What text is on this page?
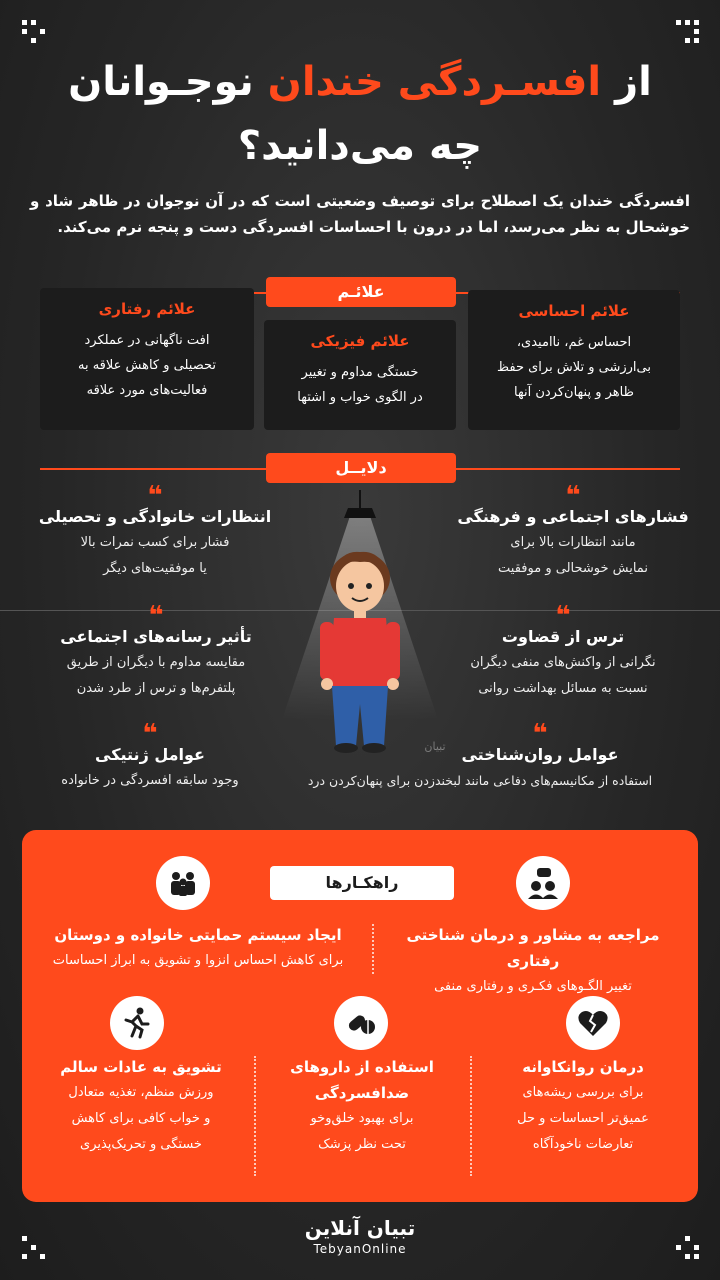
از افسـردگی خندان نوجـوانان
چه می‌دانید؟
افسردگی خندان یک اصطلاح برای توصیف وضعیتی است که در آن نوجوان در ظاهر شاد و خوشحال به نظر می‌رسد، اما در درون با احساسات افسردگی دست و پنجه نرم می‌کند.
علائـم
علائم احساسی
احساس غم، ناامیدی،
بی‌ارزشی و تلاش برای حفظ
ظاهر و پنهان‌کردن آنها
علائم فیزیکی
خستگی مداوم و تغییر
در الگوی خواب و اشتها
علائم رفتاری
افت ناگهانی در عملکرد
تحصیلی و کاهش علاقه به
فعالیت‌های مورد علاقه
دلایــل
تبیان
❝
فشارهای اجتماعی و فرهنگی
مانند انتظارات بالا برای
نمایش خوشحالی و موفقیت
❝
انتظارات خانوادگی و تحصیلی
فشار برای کسب نمرات بالا
یا موفقیت‌های دیگر
❝
ترس از قضاوت
نگرانی از واکنش‌های منفی دیگران
نسبت به مسائل بهداشت روانی
❝
تأثیر رسانه‌های اجتماعی
مقایسه مداوم با دیگران از طریق
پلتفرم‌ها و ترس از طرد شدن
❝
عوامل روان‌شناختی
استفاده از مکانیسم‌های دفاعی مانند لبخندزدن برای پنهان‌کردن درد
❝
عوامل ژنتیکی
وجود سابقه افسردگی در خانواده
راهکـارها
مراجعه به مشاور و درمان شناختی رفتاری
تغییر الگـوهای فکـری و رفتاری منفی
ایجاد سیستم حمایتی خانواده و دوستان
برای کاهش احساس انزوا و تشویق به ابراز احساسات
درمان روانکاوانه
برای بررسی ریشه‌های
عمیق‌تر احساسات و حل
تعارضات ناخودآگاه
استفاده از داروهای ضدافسردگی
برای بهبود خلق‌وخو
تحت نظر پزشک
تشویق به عادات سالم
ورزش منظم، تغذیه متعادل
و خواب کافی برای کاهش
خستگی و تحریک‌پذیری
تبیان آنلاین
TebyanOnline
